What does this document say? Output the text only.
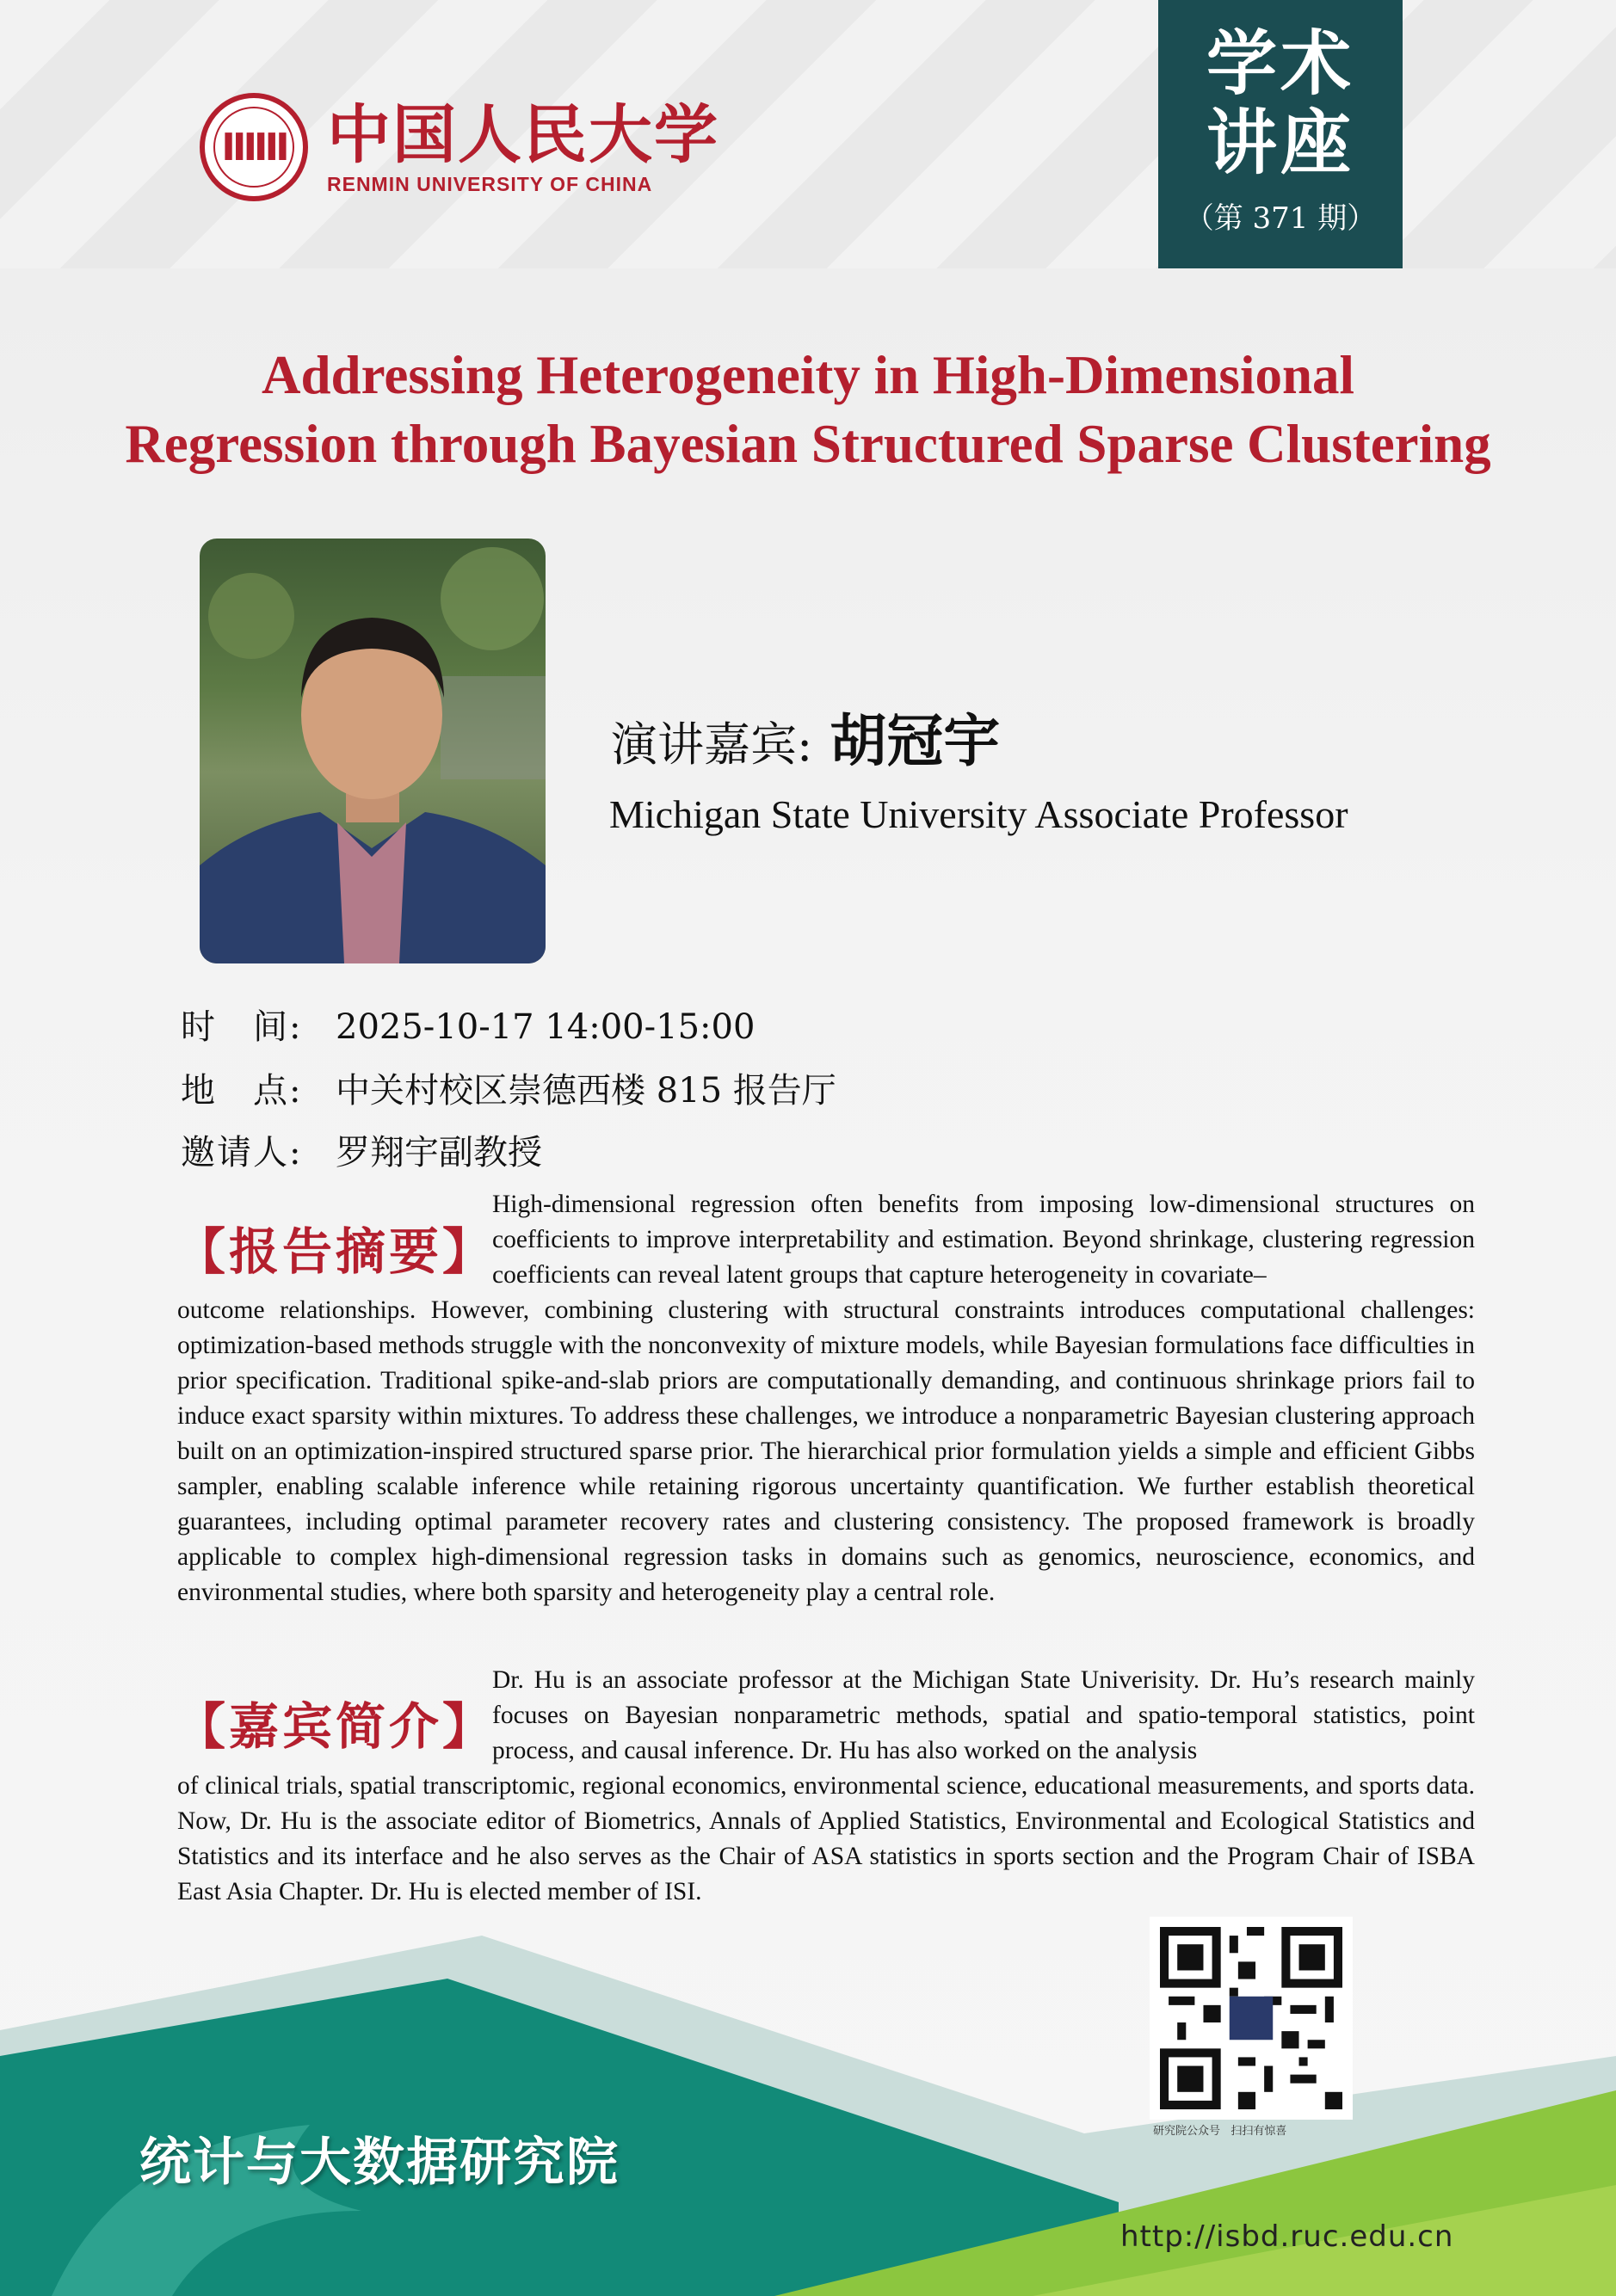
ⅢⅢ 中国人民大学
RENMIN UNIVERSITY OF CHINA
学术
讲座
（第 371 期）
Addressing Heterogeneity in High-Dimensional
Regression through Bayesian Structured Sparse Clustering
演讲嘉宾: 胡冠宇
Michigan State University Associate Professor
时　间: 2025-10-17 14:00-15:00
地　点: 中关村校区崇德西楼 815 报告厅
邀请人: 罗翔宇副教授
【报告摘要】
High-dimensional regression often benefits from imposing low-dimensional structures on coefficients to improve interpretability and estimation. Beyond shrinkage, clustering regression coefficients can reveal latent groups that capture heterogeneity in covariate–
outcome relationships. However, combining clustering with structural constraints introduces computational challenges: optimization-based methods struggle with the nonconvexity of mixture models, while Bayesian formulations face difficulties in prior specification. Traditional spike-and-slab priors are computationally demanding, and continuous shrinkage priors fail to induce exact sparsity within mixtures. To address these challenges, we introduce a nonparametric Bayesian clustering approach built on an optimization-inspired structured sparse prior. The hierarchical prior formulation yields a simple and efficient Gibbs sampler, enabling scalable inference while retaining rigorous uncertainty quantification. We further establish theoretical guarantees, including optimal parameter recovery rates and clustering consistency. The proposed framework is broadly applicable to complex high-dimensional regression tasks in domains such as genomics, neuroscience, economics, and environmental studies, where both sparsity and heterogeneity play a central role.
【嘉宾简介】
Dr. Hu is an associate professor at the Michigan State Univerisity. Dr. Hu’s research mainly focuses on Bayesian nonparametric methods, spatial and spatio-temporal statistics, point process, and causal inference. Dr. Hu has also worked on the analysis
of clinical trials, spatial transcriptomic, regional economics, environmental science, educational measurements, and sports data. Now, Dr. Hu is the associate editor of Biometrics, Annals of Applied Statistics, Environmental and Ecological Statistics and Statistics and its interface and he also serves as the Chair of ASA statistics in sports section and the Program Chair of ISBA East Asia Chapter. Dr. Hu is elected member of ISI.
研究院公众号 扫扫有惊喜
统计与大数据研究院
http://isbd.ruc.edu.cn
